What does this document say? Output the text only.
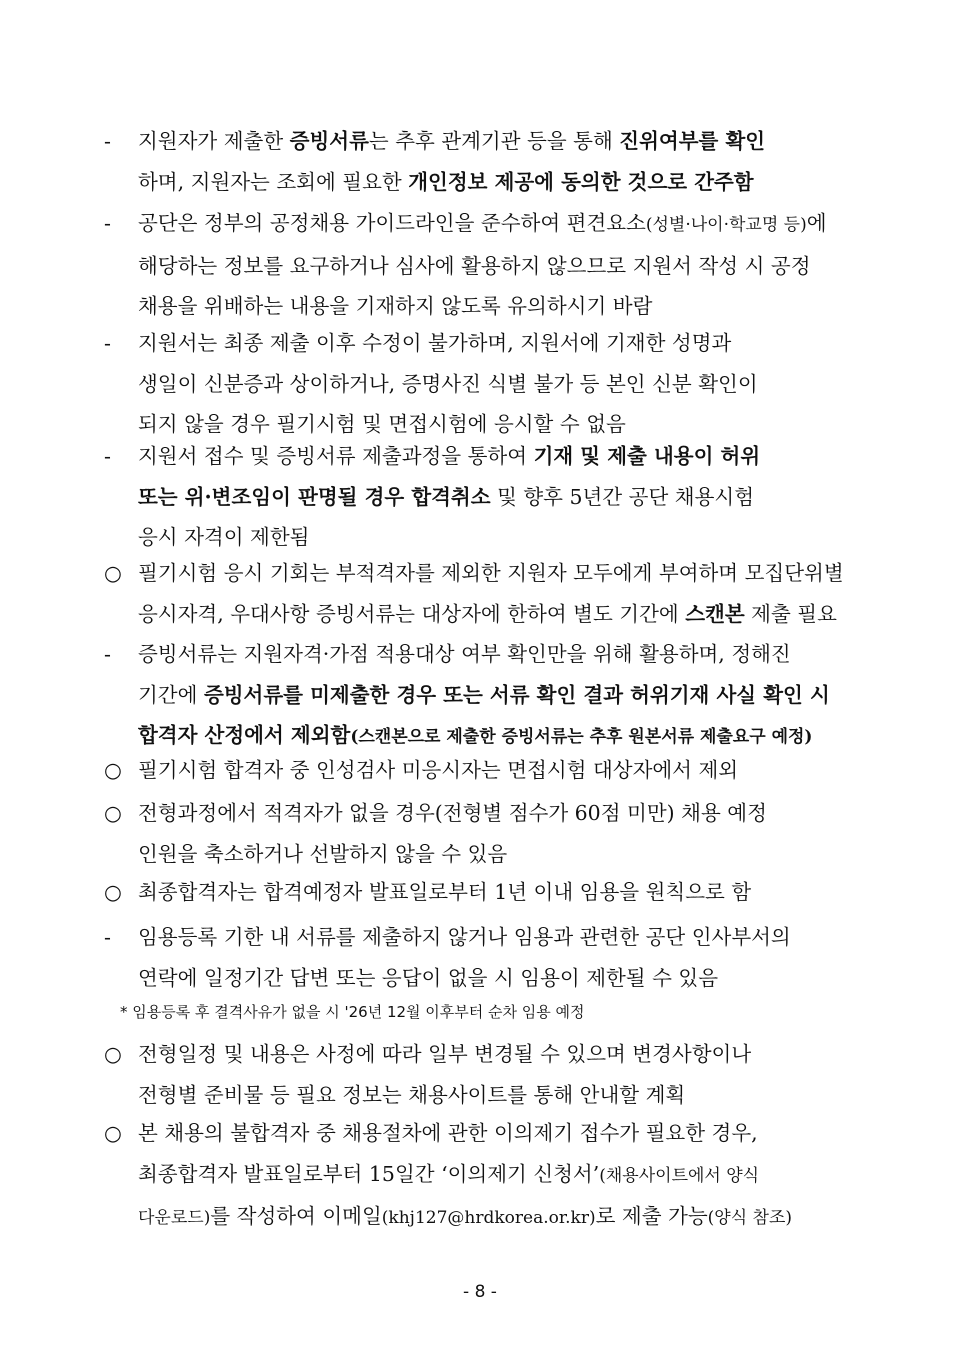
- 지원자가 제출한 증빙서류는 추후 관계기관 등을 통해 진위여부를 확인
하며, 지원자는 조회에 필요한 개인정보 제공에 동의한 것으로 간주함
- 공단은 정부의 공정채용 가이드라인을 준수하여 편견요소(성별·나이·학교명 등)에
해당하는 정보를 요구하거나 심사에 활용하지 않으므로 지원서 작성 시 공정
채용을 위배하는 내용을 기재하지 않도록 유의하시기 바람
- 지원서는 최종 제출 이후 수정이 불가하며, 지원서에 기재한 성명과
생일이 신분증과 상이하거나, 증명사진 식별 불가 등 본인 신분 확인이
되지 않을 경우 필기시험 및 면접시험에 응시할 수 없음
- 지원서 접수 및 증빙서류 제출과정을 통하여 기재 및 제출 내용이 허위
또는 위·변조임이 판명될 경우 합격취소 및 향후 5년간 공단 채용시험
응시 자격이 제한됨
○ 필기시험 응시 기회는 부적격자를 제외한 지원자 모두에게 부여하며 모집단위별
응시자격, 우대사항 증빙서류는 대상자에 한하여 별도 기간에 스캔본 제출 필요
- 증빙서류는 지원자격·가점 적용대상 여부 확인만을 위해 활용하며, 정해진
기간에 증빙서류를 미제출한 경우 또는 서류 확인 결과 허위기재 사실 확인 시
합격자 산정에서 제외함(스캔본으로 제출한 증빙서류는 추후 원본서류 제출요구 예정)
○ 필기시험 합격자 중 인성검사 미응시자는 면접시험 대상자에서 제외
○ 전형과정에서 적격자가 없을 경우(전형별 점수가 60점 미만) 채용 예정
인원을 축소하거나 선발하지 않을 수 있음
○ 최종합격자는 합격예정자 발표일로부터 1년 이내 임용을 원칙으로 함
- 임용등록 기한 내 서류를 제출하지 않거나 임용과 관련한 공단 인사부서의
연락에 일정기간 답변 또는 응답이 없을 시 임용이 제한될 수 있음
* 임용등록 후 결격사유가 없을 시 '26년 12월 이후부터 순차 임용 예정
○ 전형일정 및 내용은 사정에 따라 일부 변경될 수 있으며 변경사항이나
전형별 준비물 등 필요 정보는 채용사이트를 통해 안내할 계획
○ 본 채용의 불합격자 중 채용절차에 관한 이의제기 접수가 필요한 경우,
최종합격자 발표일로부터 15일간 ‘이의제기 신청서’(채용사이트에서 양식
다운로드)를 작성하여 이메일(khj127@hrdkorea.or.kr)로 제출 가능(양식 참조)
- 8 -
